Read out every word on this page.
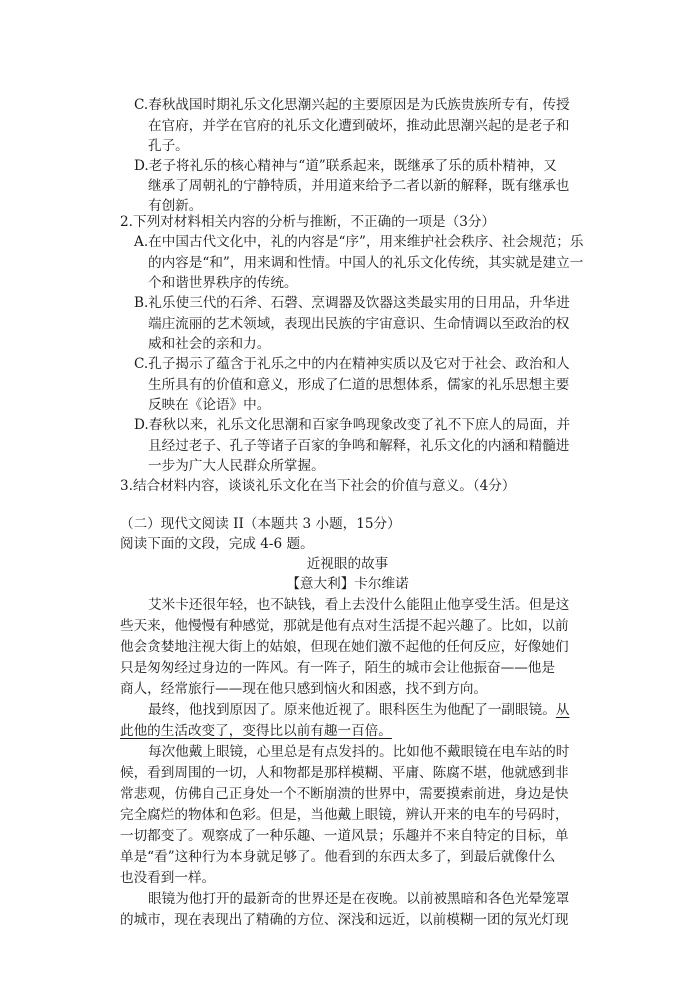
C.春秋战国时期礼乐文化思潮兴起的主要原因是为氏族贵族所专有，传授
在官府，并学在官府的礼乐文化遭到破坏，推动此思潮兴起的是老子和
孔子。
D.老子将礼乐的核心精神与“道”联系起来，既继承了乐的质朴精神，又
继承了周朝礼的宁静特质，并用道来给予二者以新的解释，既有继承也
有创新。
2.下列对材料相关内容的分析与推断，不正确的一项是（3分）
A.在中国古代文化中，礼的内容是“序”，用来维护社会秩序、社会规范；乐
的内容是“和”，用来调和性情。中国人的礼乐文化传统，其实就是建立一
个和谐世界秩序的传统。
B.礼乐使三代的石斧、石磬、烹调器及饮器这类最实用的日用品，升华进
端庄流丽的艺术领域，表现出民族的宇宙意识、生命情调以至政治的权
威和社会的亲和力。
C.孔子揭示了蕴含于礼乐之中的内在精神实质以及它对于社会、政治和人
生所具有的价值和意义，形成了仁道的思想体系，儒家的礼乐思想主要
反映在《论语》中。
D.春秋以来，礼乐文化思潮和百家争鸣现象改变了礼不下庶人的局面，并
且经过老子、孔子等诸子百家的争鸣和解释，礼乐文化的内涵和精髓进
一步为广大人民群众所掌握。
3.结合材料内容，谈谈礼乐文化在当下社会的价值与意义。（4分）
（二）现代文阅读 II（本题共 3 小题，15分）
阅读下面的文段，完成 4-6 题。
近视眼的故事
【意大利】卡尔维诺
艾米卡还很年轻，也不缺钱，看上去没什么能阻止他享受生活。但是这
些天来，他慢慢有种感觉，那就是他有点对生活提不起兴趣了。比如，以前
他会贪婪地注视大街上的姑娘，但现在她们激不起他的任何反应，好像她们
只是匆匆经过身边的一阵风。有一阵子，陌生的城市会让他振奋——他是
商人，经常旅行——现在他只感到恼火和困惑，找不到方向。
最终，他找到原因了。原来他近视了。眼科医生为他配了一副眼镜。从
此他的生活改变了，变得比以前有趣一百倍。
每次他戴上眼镜，心里总是有点发抖的。比如他不戴眼镜在电车站的时
候，看到周围的一切，人和物都是那样模糊、平庸、陈腐不堪，他就感到非
常悲观，仿佛自己正身处一个不断崩溃的世界中，需要摸索前进，身边是快
完全腐烂的物体和色彩。但是，当他戴上眼镜，辨认开来的电车的号码时，
一切都变了。观察成了一种乐趣、一道风景；乐趣并不来自特定的目标，单
单是“看”这种行为本身就足够了。他看到的东西太多了，到最后就像什么
也没看到一样。
眼镜为他打开的最新奇的世界还是在夜晚。以前被黑暗和各色光晕笼罩
的城市，现在表现出了精确的方位、深浅和远近，以前模糊一团的氖光灯现
